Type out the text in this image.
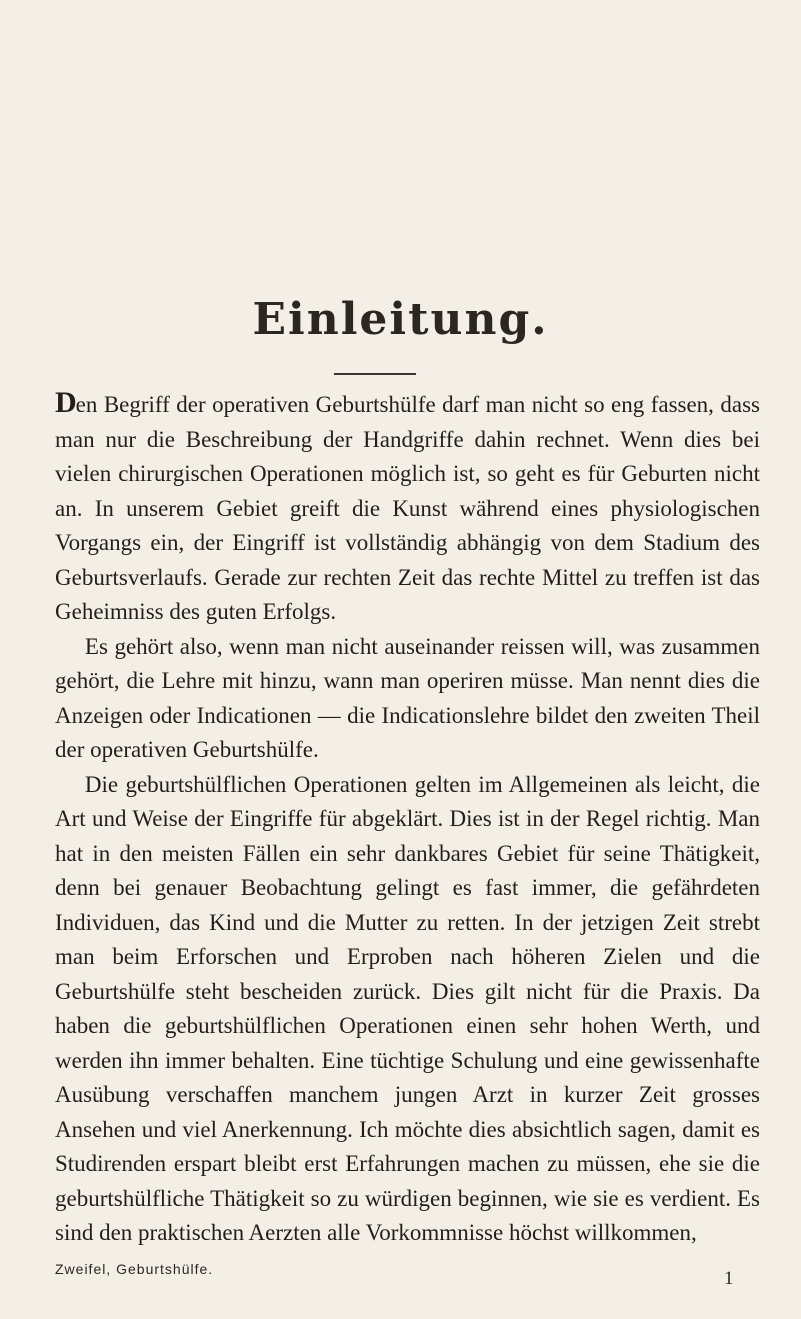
Einleitung.

Den Begriff der operativen Geburtshülfe darf man nicht so eng fassen, dass man nur die Beschreibung der Handgriffe dahin rechnet. Wenn dies bei vielen chirurgischen Operationen möglich ist, so geht es für Geburten nicht an. In unserem Gebiet greift die Kunst während eines physiologischen Vorgangs ein, der Eingriff ist vollständig abhängig von dem Stadium des Geburtsverlaufs. Gerade zur rechten Zeit das rechte Mittel zu treffen ist das Geheimniss des guten Erfolgs.

Es gehört also, wenn man nicht auseinander reissen will, was zusammen gehört, die Lehre mit hinzu, wann man operiren müsse. Man nennt dies die Anzeigen oder Indicationen — die Indicationslehre bildet den zweiten Theil der operativen Geburtshülfe.

Die geburtshülflichen Operationen gelten im Allgemeinen als leicht, die Art und Weise der Eingriffe für abgeklärt. Dies ist in der Regel richtig. Man hat in den meisten Fällen ein sehr dankbares Gebiet für seine Thätigkeit, denn bei genauer Beobachtung gelingt es fast immer, die gefährdeten Individuen, das Kind und die Mutter zu retten. In der jetzigen Zeit strebt man beim Erforschen und Erproben nach höheren Zielen und die Geburtshülfe steht bescheiden zurück. Dies gilt nicht für die Praxis. Da haben die geburtshülflichen Operationen einen sehr hohen Werth, und werden ihn immer behalten. Eine tüchtige Schulung und eine gewissenhafte Ausübung verschaffen manchem jungen Arzt in kurzer Zeit grosses Ansehen und viel Anerkennung. Ich möchte dies absichtlich sagen, damit es Studirenden erspart bleibt erst Erfahrungen machen zu müssen, ehe sie die geburtshülfliche Thätigkeit so zu würdigen beginnen, wie sie es verdient. Es sind den praktischen Aerzten alle Vorkommnisse höchst willkommen,

Zweifel, Geburtshülfe.	1
